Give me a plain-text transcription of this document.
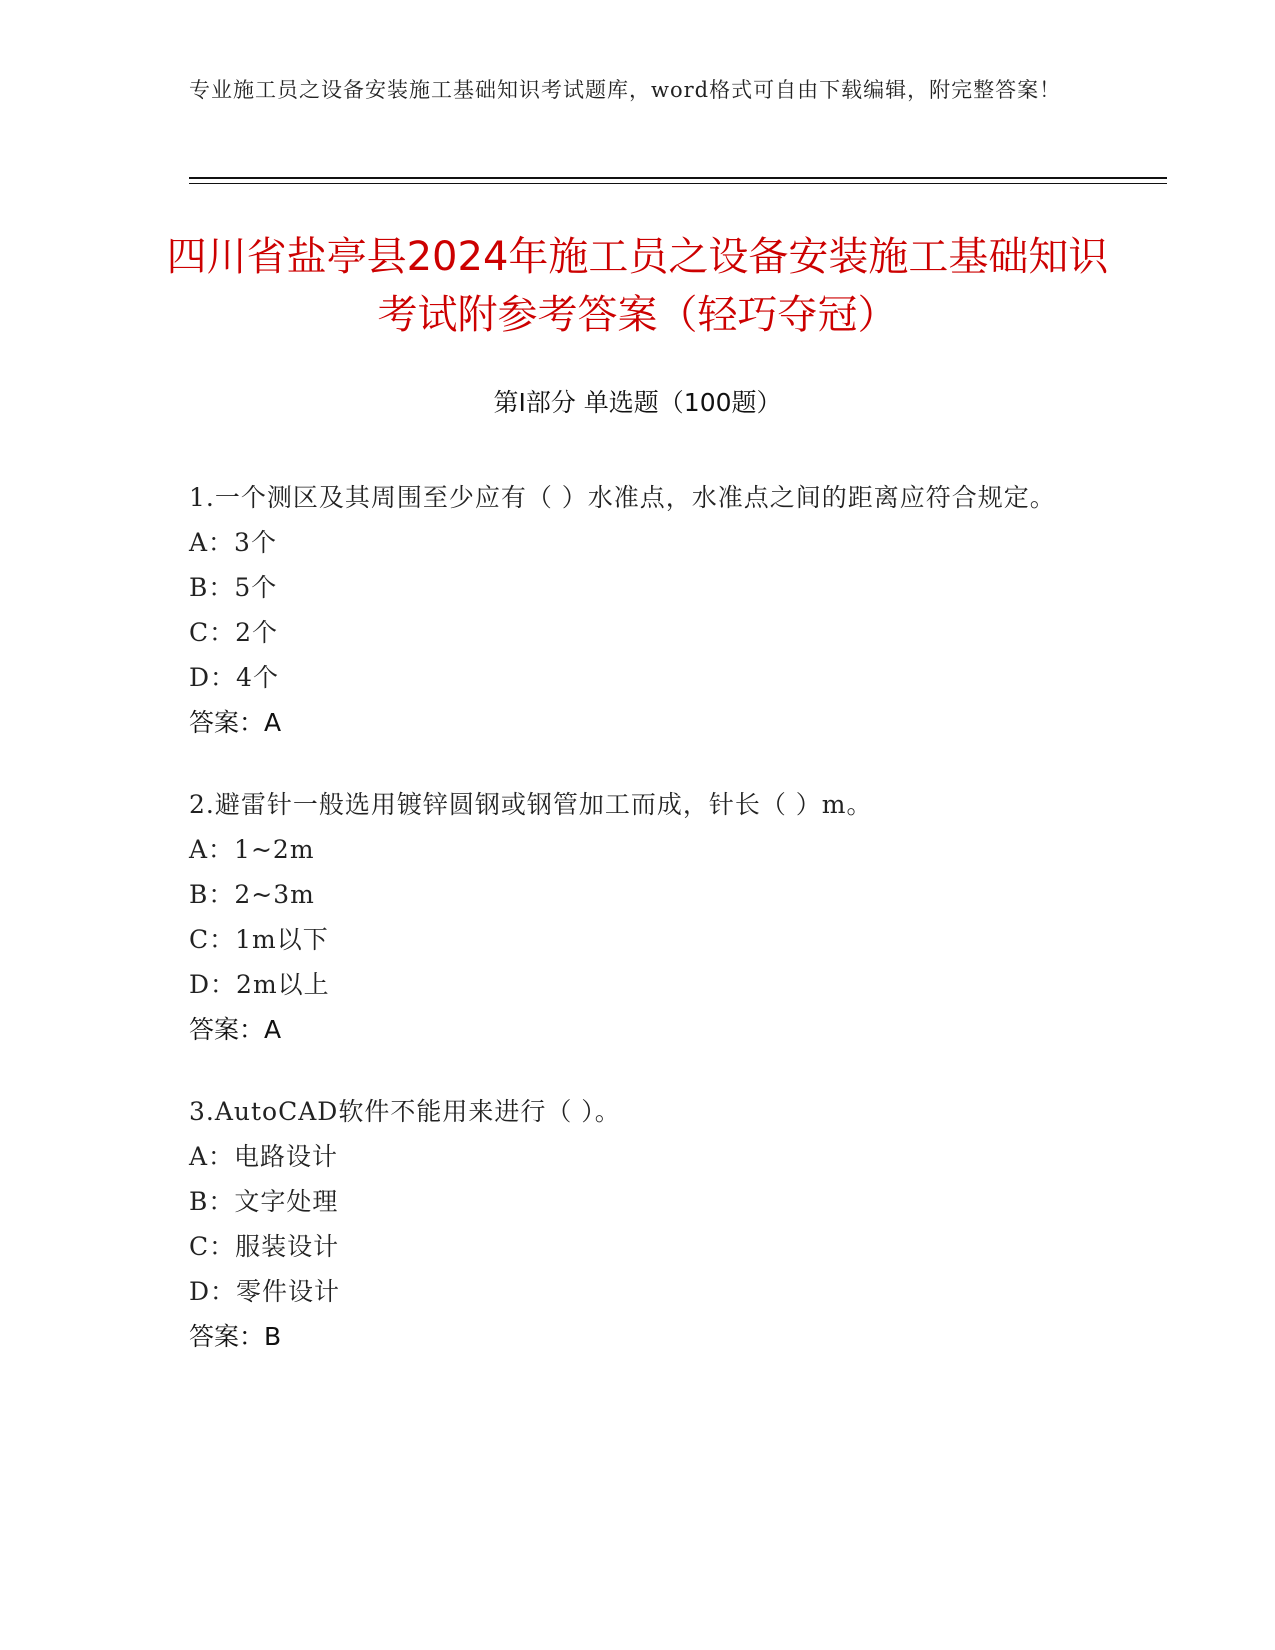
专业施工员之设备安装施工基础知识考试题库，word格式可自由下载编辑，附完整答案！
四川省盐亭县2024年施工员之设备安装施工基础知识考试附参考答案（轻巧夺冠）
第I部分 单选题（100题）

1.一个测区及其周围至少应有（ ）水准点，水准点之间的距离应符合规定。

A：3个

B：5个

C：2个

D：4个

答案：A

2.避雷针一般选用镀锌圆钢或钢管加工而成，针长（ ）m。

A：1~2m

B：2~3m

C：1m以下

D：2m以上

答案：A

3.AutoCAD软件不能用来进行（ ）。

A：电路设计

B：文字处理

C：服装设计

D：零件设计

答案：B
